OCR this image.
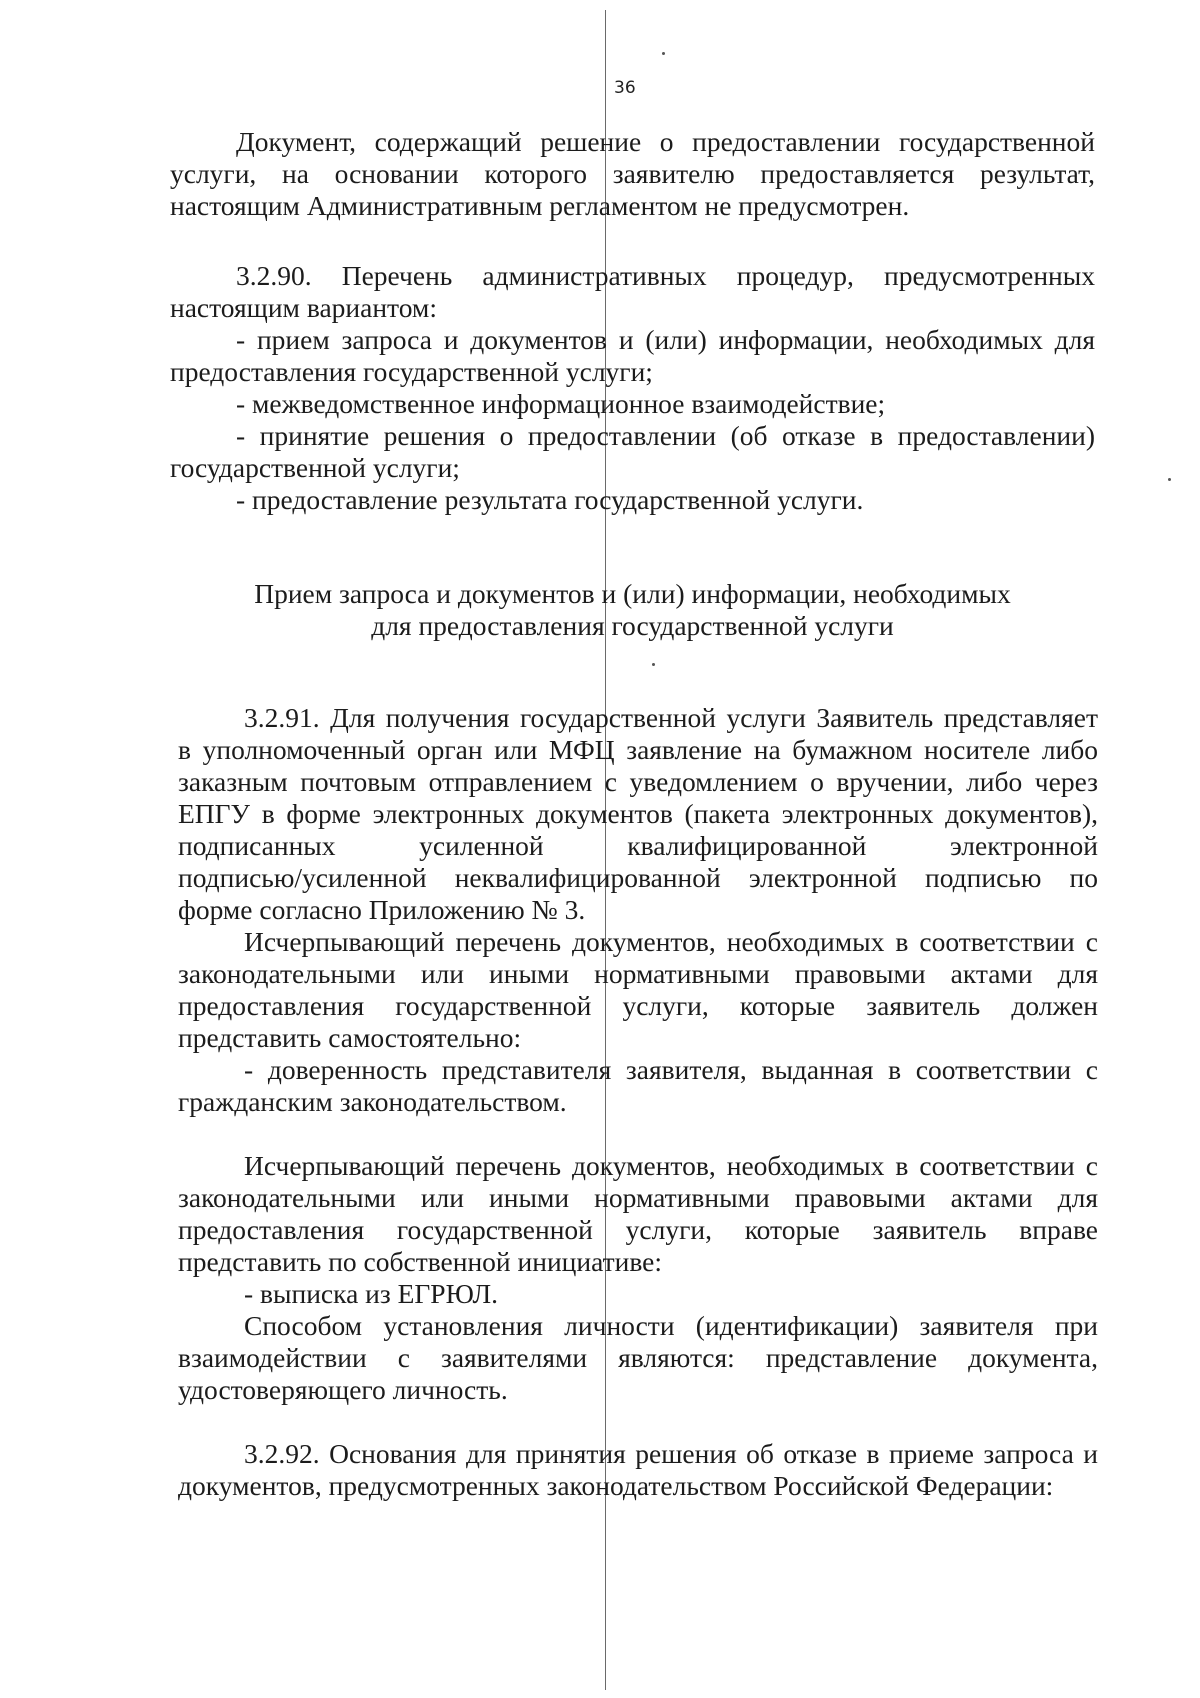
36
Документ, содержащий решение о предоставлении государственной
услуги, на основании которого заявителю предоставляется результат,
настоящим Административным регламентом не предусмотрен.
3.2.90. Перечень административных процедур, предусмотренных
настоящим вариантом:
- прием запроса и документов и (или) информации, необходимых для
предоставления государственной услуги;
- межведомственное информационное взаимодействие;
- принятие решения о предоставлении (об отказе в предоставлении)
государственной услуги;
- предоставление результата государственной услуги.
Прием запроса и документов и (или) информации, необходимых
для предоставления государственной услуги
3.2.91. Для получения государственной услуги Заявитель представляет
в уполномоченный орган или МФЦ заявление на бумажном носителе либо
заказным почтовым отправлением с уведомлением о вручении, либо через
ЕПГУ в форме электронных документов (пакета электронных документов),
подписанных усиленной квалифицированной электронной
подписью/усиленной неквалифицированной электронной подписью по
форме согласно Приложению № 3.
Исчерпывающий перечень документов, необходимых в соответствии с
законодательными или иными нормативными правовыми актами для
предоставления государственной услуги, которые заявитель должен
представить самостоятельно:
- доверенность представителя заявителя, выданная в соответствии с
гражданским законодательством.
Исчерпывающий перечень документов, необходимых в соответствии с
законодательными или иными нормативными правовыми актами для
предоставления государственной услуги, которые заявитель вправе
представить по собственной инициативе:
- выписка из ЕГРЮЛ.
Способом установления личности (идентификации) заявителя при
взаимодействии с заявителями являются: представление документа,
удостоверяющего личность.
3.2.92. Основания для принятия решения об отказе в приеме запроса и
документов, предусмотренных законодательством Российской Федерации:
